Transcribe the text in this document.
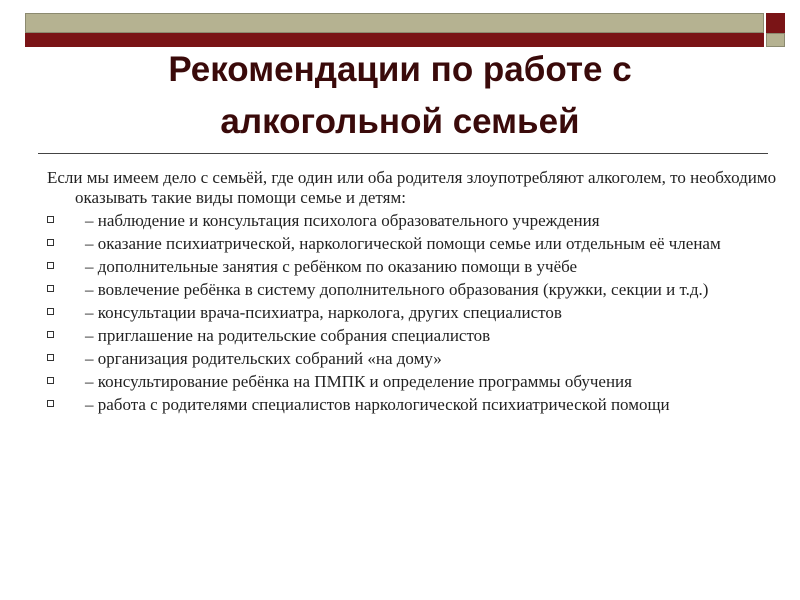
Рекомендации по работе с
алкогольной семьей

Если мы имеем дело с семьёй, где один или оба родителя злоупотребляют алкоголем, то необходимо оказывать такие виды помощи семье и детям:

– наблюдение и консультация психолога образовательного учреждения
– оказание психиатрической, наркологической помощи семье или отдельным её членам
– дополнительные занятия с ребёнком по оказанию помощи в учёбе
– вовлечение ребёнка в систему дополнительного образования (кружки, секции и т.д.)
– консультации врача-психиатра, нарколога, других специалистов
– приглашение на родительские собрания специалистов
– организация родительских собраний «на дому»
– консультирование ребёнка на ПМПК и определение программы обучения
– работа с родителями специалистов наркологической психиатрической помощи
